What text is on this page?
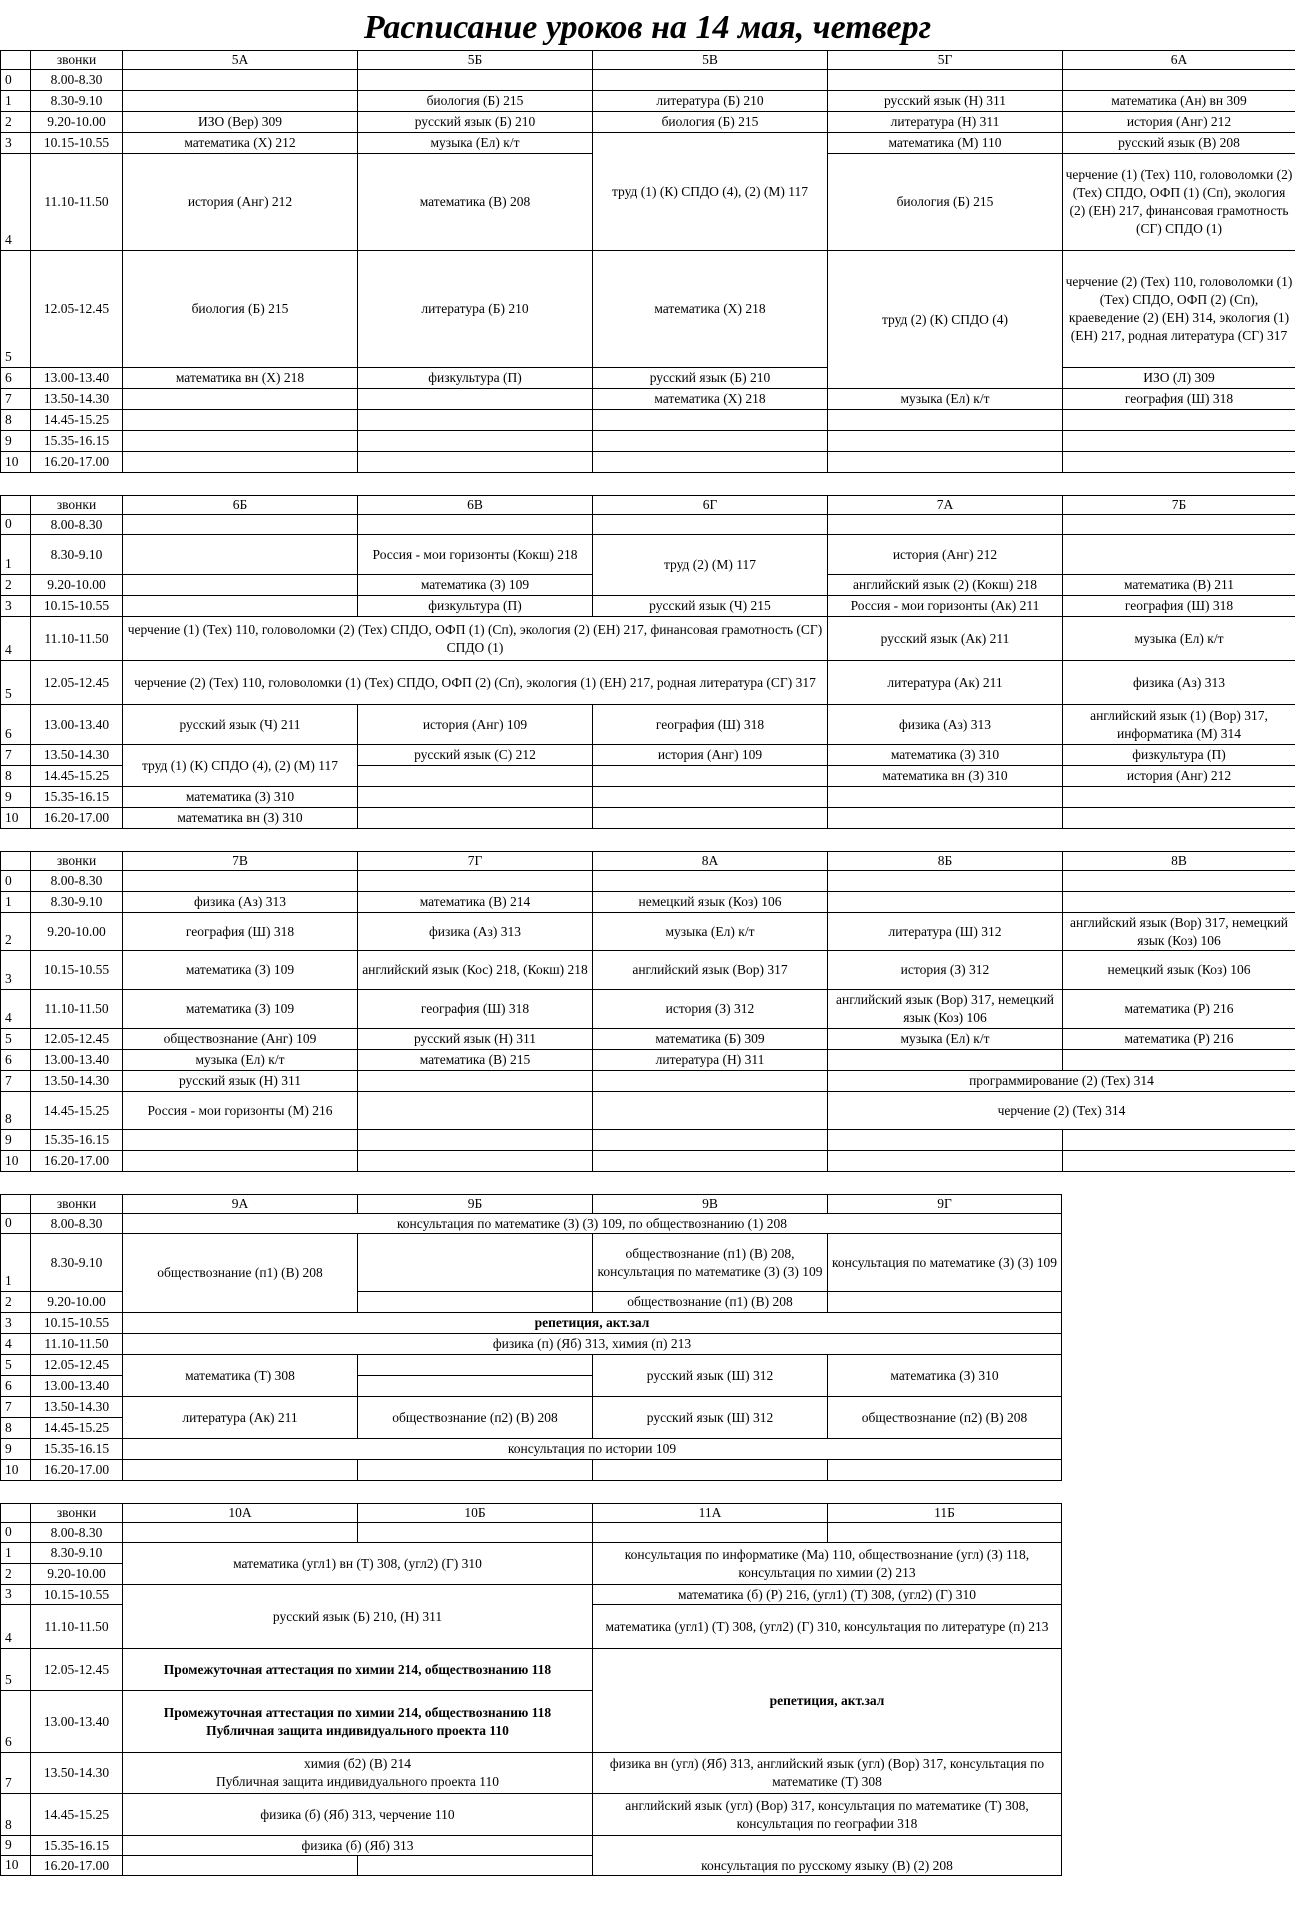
Расписание уроков на 14 мая, четверг
	звонки	5А	5Б	5В	5Г	6А
0	8.00-8.30					
1	8.30-9.10		биология (Б) 215	литература (Б) 210	русский язык (Н) 311	математика (Ан) вн 309
2	9.20-10.00	ИЗО (Вер) 309	русский язык (Б) 210	биология (Б) 215	литература (Н) 311	история (Анг) 212
3	10.15-10.55	математика (Х) 212	музыка (Ел) к/т	труд (1) (К) СПДО (4), (2) (М) 117	математика (М) 110	русский язык (В) 208
4	11.10-11.50	история (Анг) 212	математика (В) 208		биология (Б) 215	черчение (1) (Тех) 110, головоломки (2) (Тех) СПДО, ОФП (1) (Сп), экология (2) (ЕН) 217, финансовая грамотность (СГ) СПДО (1)
5	12.05-12.45	биология (Б) 215	литература (Б) 210	математика (Х) 218	труд (2) (К) СПДО (4)	черчение (2) (Тех) 110, головоломки (1) (Тех) СПДО, ОФП (2) (Сп), краеведение (2) (ЕН) 314, экология (1) (ЕН) 217, родная литература (СГ) 317
6	13.00-13.40	математика вн (Х) 218	физкультура (П)	русский язык (Б) 210		ИЗО (Л) 309
7	13.50-14.30			математика (Х) 218	музыка (Ел) к/т	география (Ш) 318
8	14.45-15.25					
9	15.35-16.15					
10	16.20-17.00					
	звонки	6Б	6В	6Г	7А	7Б
0	8.00-8.30					
1	8.30-9.10		Россия - мои горизонты (Кокш) 218	труд (2) (М) 117	история (Анг) 212	
2	9.20-10.00		математика (З) 109		английский язык (2) (Кокш) 218	математика (В) 211
3	10.15-10.55		физкультура (П)	русский язык (Ч) 215	Россия - мои горизонты (Ак) 211	география (Ш) 318
4	11.10-11.50	черчение (1) (Тех) 110, головоломки (2) (Тех) СПДО, ОФП (1) (Сп), экология (2) (ЕН) 217, финансовая грамотность (СГ) СПДО (1)			русский язык (Ак) 211	музыка (Ел) к/т
5	12.05-12.45	черчение (2) (Тех) 110, головоломки (1) (Тех) СПДО, ОФП (2) (Сп), экология (1) (ЕН) 217, родная литература (СГ) 317			литература (Ак) 211	физика (Аз) 313
6	13.00-13.40	русский язык (Ч) 211	история (Анг) 109	география (Ш) 318	физика (Аз) 313	английский язык (1) (Вор) 317, информатика (М) 314
7	13.50-14.30	труд (1) (К) СПДО (4), (2) (М) 117	русский язык (С) 212	история (Анг) 109	математика (З) 310	физкультура (П)
8	14.45-15.25				математика вн (З) 310	история (Анг) 212
9	15.35-16.15	математика (З) 310				
10	16.20-17.00	математика вн (З) 310				
	звонки	7В	7Г	8А	8Б	8В
0	8.00-8.30					
1	8.30-9.10	физика (Аз) 313	математика (В) 214	немецкий язык (Коз) 106		
2	9.20-10.00	география (Ш) 318	физика (Аз) 313	музыка (Ел) к/т	литература (Ш) 312	английский язык (Вор) 317, немецкий язык (Коз) 106
3	10.15-10.55	математика (З) 109	английский язык (Кос) 218, (Кокш) 218	английский язык (Вор) 317	история (З) 312	немецкий язык (Коз) 106
4	11.10-11.50	математика (З) 109	география (Ш) 318	история (З) 312	английский язык (Вор) 317, немецкий язык (Коз) 106	математика (Р) 216
5	12.05-12.45	обществознание (Анг) 109	русский язык (Н) 311	математика (Б) 309	музыка (Ел) к/т	математика (Р) 216
6	13.00-13.40	музыка (Ел) к/т	математика (В) 215	литература (Н) 311		
7	13.50-14.30	русский язык (Н) 311			программирование (2) (Тех) 314	
8	14.45-15.25	Россия - мои горизонты (М) 216			черчение (2) (Тех) 314	
9	15.35-16.15					
10	16.20-17.00					
	звонки	9А	9Б	9В	9Г
0	8.00-8.30	консультация по математике (З) (3) 109, по обществознанию (1) 208			
1	8.30-9.10	обществознание (п1) (В) 208		обществознание (п1) (В) 208, консультация по математике (З) (3) 109	консультация по математике (З) (3) 109
2	9.20-10.00			обществознание (п1) (В) 208	
3	10.15-10.55	репетиция, акт.зал			
4	11.10-11.50	физика (п) (Яб) 313, химия (п) 213			
5	12.05-12.45	математика (Т) 308		русский язык (Ш) 312	математика (З) 310
6	13.00-13.40				
7	13.50-14.30	литература (Ак) 211	обществознание (п2) (В) 208	русский язык (Ш) 312	обществознание (п2) (В) 208
8	14.45-15.25				
9	15.35-16.15	консультация по истории 109			
10	16.20-17.00				
	звонки	10А	10Б	11А	11Б
0	8.00-8.30				
1	8.30-9.10	математика (угл1) вн (Т) 308, (угл2) (Г) 310		консультация по информатике (Ма) 110, обществознание (угл) (З) 118, консультация по химии (2) 213	
2	9.20-10.00				
3	10.15-10.55	русский язык (Б) 210, (Н) 311		математика (б) (Р) 216, (угл1) (Т) 308, (угл2) (Г) 310	
4	11.10-11.50			математика (угл1) (Т) 308, (угл2) (Г) 310, консультация по литературе (п) 213	
5	12.05-12.45	Промежуточная аттестация по химии 214, обществознанию 118		репетиция, акт.зал	
6	13.00-13.40	Промежуточная аттестация по химии 214, обществознанию 118
Публичная защита индивидуального проекта 110			

7	13.50-14.30	химия (б2) (В) 214
Публичная защита индивидуального проекта 110		физика вн (угл) (Яб) 313, английский язык (угл) (Вор) 317, консультация по математике (Т) 308	
8	14.45-15.25	физика (б) (Яб) 313, черчение 110		английский язык (угл) (Вор) 317, консультация по математике (Т) 308, консультация по географии 318	
9	15.35-16.15	физика (б) (Яб) 313		консультация по русскому языку (В) (2) 208	
10	16.20-17.00				
